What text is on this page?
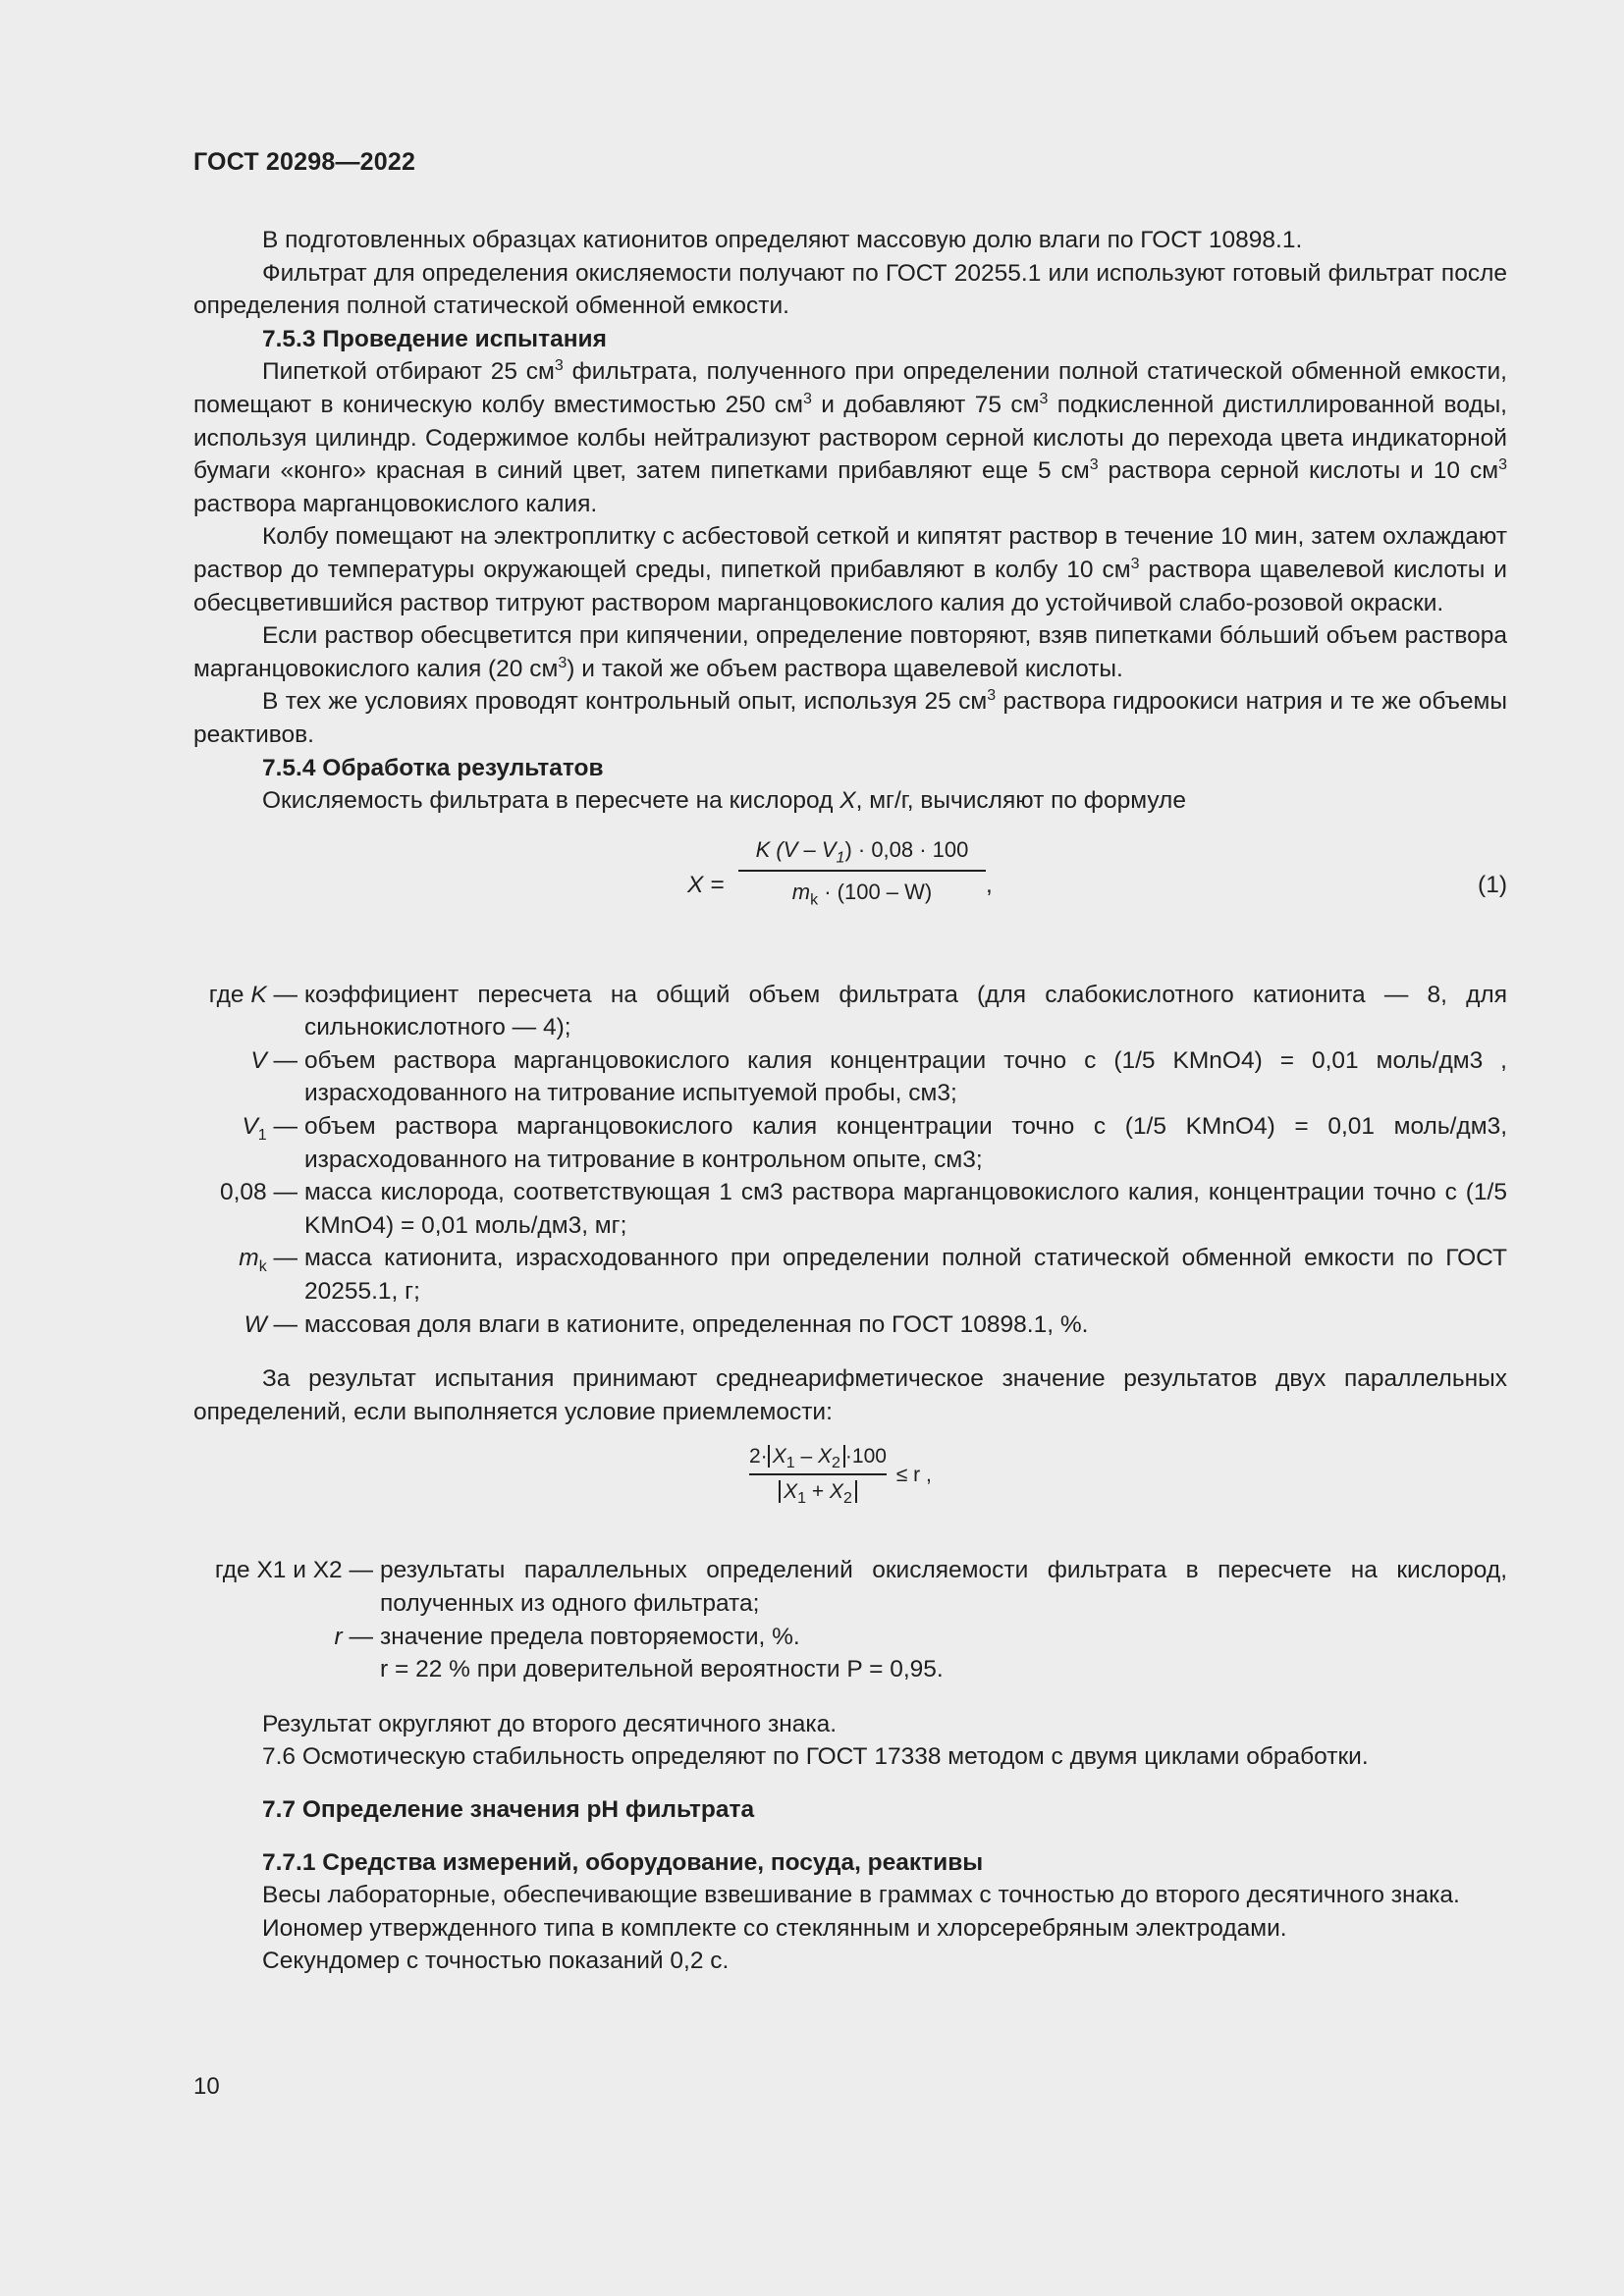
ГОСТ 20298—2022

В подготовленных образцах катионитов определяют массовую долю влаги по ГОСТ 10898.1.

Фильтрат для определения окисляемости получают по ГОСТ 20255.1 или используют готовый фильтрат после определения полной статической обменной емкости.

7.5.3 Проведение испытания

Пипеткой отбирают 25 $см^3$ фильтрата, полученного при определении полной статической обменной емкости, помещают в коническую колбу вместимостью 250 $см^3$ и добавляют 75 $см^3$ подкисленной дистиллированной воды, используя цилиндр. Содержимое колбы нейтрализуют раствором серной кислоты до перехода цвета индикаторной бумаги «конго» красная в синий цвет, затем пипетками прибавляют еще 5 $см^3$ раствора серной кислоты и 10 $см^3$ раствора марганцовокислого калия.

Колбу помещают на электроплитку с асбестовой сеткой и кипятят раствор в течение 10 мин, затем охлаждают раствор до температуры окружающей среды, пипеткой прибавляют в колбу 10 $см^3$ раствора щавелевой кислоты и обесцветившийся раствор титруют раствором марганцовокислого калия до устойчивой слабо-розовой окраски.

Если раствор обесцветится при кипячении, определение повторяют, взяв пипетками бóльший объем раствора марганцовокислого калия (20 $см^3$) и такой же объем раствора щавелевой кислоты.

В тех же условиях проводят контрольный опыт, используя 25 $см^3$ раствора гидроокиси натрия и те же объемы реактивов.

7.5.4 Обработка результатов

Окисляемость фильтрата в пересчете на кислород X, мг/г, вычисляют по формуле

X =
K $(V - V_1) \cdot 0,08 \cdot 100$
$m_k \cdot (100 - W)$	,	(1)
где K — коэффициент пересчета на общий объем фильтрата (для слабокислотного катионита — 8, для сильнокислотного — 4);
V — объем раствора марганцовокислого калия концентрации точно c (1/5 KMnO4) = 0,01 моль/дм3 , израсходованного на титрование испытуемой пробы, см3;
$V_1$ — объем раствора марганцовокислого калия концентрации точно c (1/5 KMnO4) = 0,01 моль/дм3, израсходованного на титрование в контрольном опыте, см3;
0,08 — масса кислорода, соответствующая 1 см3 раствора марганцовокислого калия, концентрации точно c (1/5 KMnO4) = 0,01 моль/дм3, мг;
$m_k$ — масса катионита, израсходованного при определении полной статической обменной емкости по ГОСТ 20255.1, г;
W — массовая доля влаги в катионите, определенная по ГОСТ 10898.1, %.

За результат испытания принимают среднеарифметическое значение результатов двух параллельных определений, если выполняется условие приемлемости:

$\frac{2\cdot X_1 - X_2 \cdot 100}{X_1 + X_2} \le r$ ,
где X1 и X2 — результаты параллельных определений окисляемости фильтрата в пересчете на кислород, полученных из одного фильтрата;
r — значение предела повторяемости, %.
r = 22 % при доверительной вероятности P = 0,95.

Результат округляют до второго десятичного знака.

7.6 Осмотическую стабильность определяют по ГОСТ 17338 методом с двумя циклами обработки.

7.7 Определение значения рН фильтрата

7.7.1 Средства измерений, оборудование, посуда, реактивы

Весы лабораторные, обеспечивающие взвешивание в граммах с точностью до второго десятичного знака.

Иономер утвержденного типа в комплекте со стеклянным и хлорсеребряным электродами.

Секундомер с точностью показаний 0,2 с.

10
